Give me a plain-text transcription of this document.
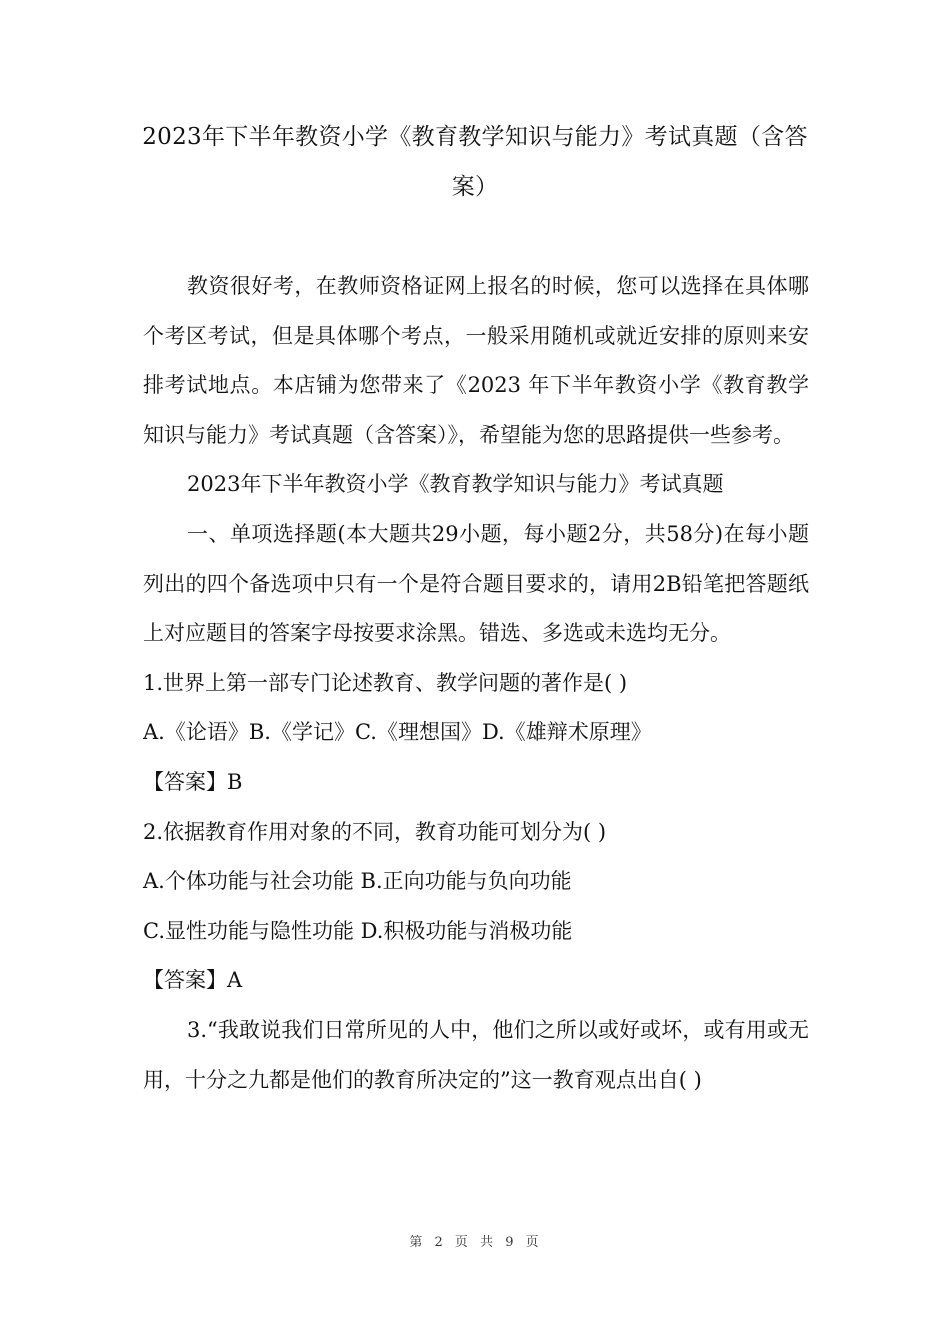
2023年下半年教资小学《教育教学知识与能力》考试真题（含答案）

教资很好考，在教师资格证网上报名的时候，您可以选择在具体哪个考区考试，但是具体哪个考点，一般采用随机或就近安排的原则来安排考试地点。本店铺为您带来了《2023 年下半年教资小学《教育教学知识与能力》考试真题（含答案）》，希望能为您的思路提供一些参考。

2023年下半年教资小学《教育教学知识与能力》考试真题

一、单项选择题(本大题共29小题，每小题2分，共58分)在每小题列出的四个备选项中只有一个是符合题目要求的，请用2B铅笔把答题纸上对应题目的答案字母按要求涂黑。错选、多选或未选均无分。

1.世界上第一部专门论述教育、教学问题的著作是( )

A.《论语》B.《学记》C.《理想国》D.《雄辩术原理》

【答案】B

2.依据教育作用对象的不同，教育功能可划分为( )

A.个体功能与社会功能 B.正向功能与负向功能

C.显性功能与隐性功能 D.积极功能与消极功能

【答案】A

3.“我敢说我们日常所见的人中，他们之所以或好或坏，或有用或无用，十分之九都是他们的教育所决定的”这一教育观点出自( )

第 2 页 共 9 页
